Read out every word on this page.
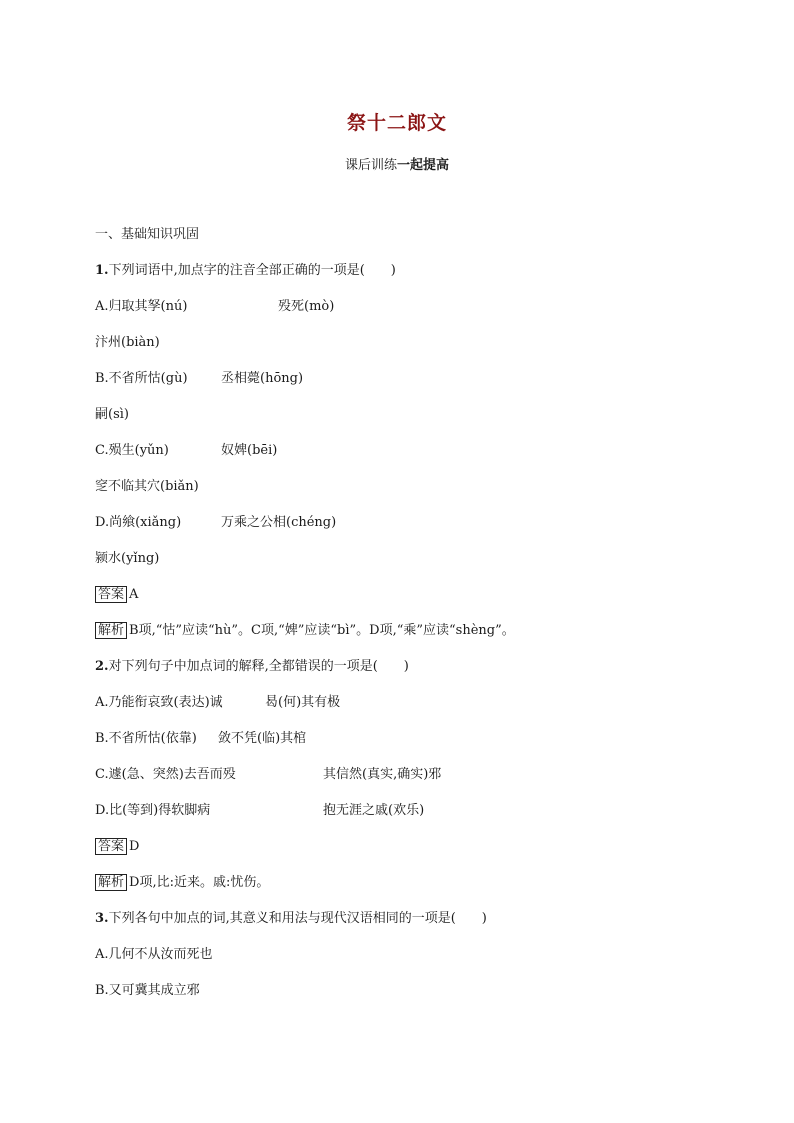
祭十二郎文
课后训练一起提高
一、基础知识巩固
1.下列词语中,加点字的注音全部正确的一项是(　　)
A.归取其孥(nú)	殁死(mò)
汴州(biàn)
B.不省所怙(gù)	丞相薨(hōng)
嗣(sì)
C.殒生(yǔn)	奴婢(bēi)
窆不临其穴(biǎn)
D.尚飨(xiǎng)	万乘之公相(chéng)
颍水(yǐng)
答案 A
解析 B项,“怙”应读“hù”。C项,“婢”应读“bì”。D项,“乘”应读“shèng”。
2.对下列句子中加点词的解释,全都错误的一项是(　　)
A.乃能衔哀致(表达)诚	曷(何)其有极
B.不省所怙(依靠) 敛不凭(临)其棺
C.遽(急、突然)去吾而殁	其信然(真实,确实)邪
D.比(等到)得软脚病	抱无涯之戚(欢乐)
答案 D
解析 D项,比:近来。戚:忧伤。
3.下列各句中加点的词,其意义和用法与现代汉语相同的一项是(　　)
A.几何不从汝而死也
B.又可冀其成立邪
